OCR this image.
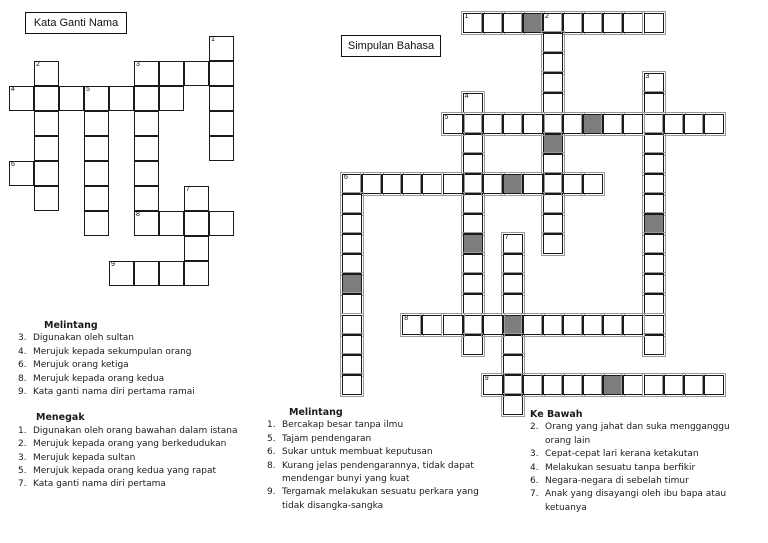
1
3
2
8
4	5
6
7
9
1	2
3
4
5
6
7
8
9
Kata Ganti Nama
Simpulan Bahasa
Melintang
3. Digunakan oleh sultan
4. Merujuk kepada sekumpulan orang
6. Merujuk orang ketiga
8. Merujuk kepada orang kedua
9. Kata ganti nama diri pertama ramai
Menegak
1. Digunakan oleh orang bawahan dalam istana
2. Merujuk kepada orang yang berkedudukan
3. Merujuk kepada sultan
5. Merujuk kepada orang kedua yang rapat
7. Kata ganti nama diri pertama
Melintang
1. Bercakap besar tanpa ilmu
5. Tajam pendengaran
6. Sukar untuk membuat keputusan
8. Kurang jelas pendengarannya, tidak dapat mendengar bunyi yang kuat
9. Tergamak melakukan sesuatu perkara yang tidak disangka-sangka
Ke Bawah
2. Orang yang jahat dan suka mengganggu orang lain
3. Cepat-cepat lari kerana ketakutan
4. Melakukan sesuatu tanpa berfikir
6. Negara-negara di sebelah timur
7. Anak yang disayangi oleh ibu bapa atau ketuanya
